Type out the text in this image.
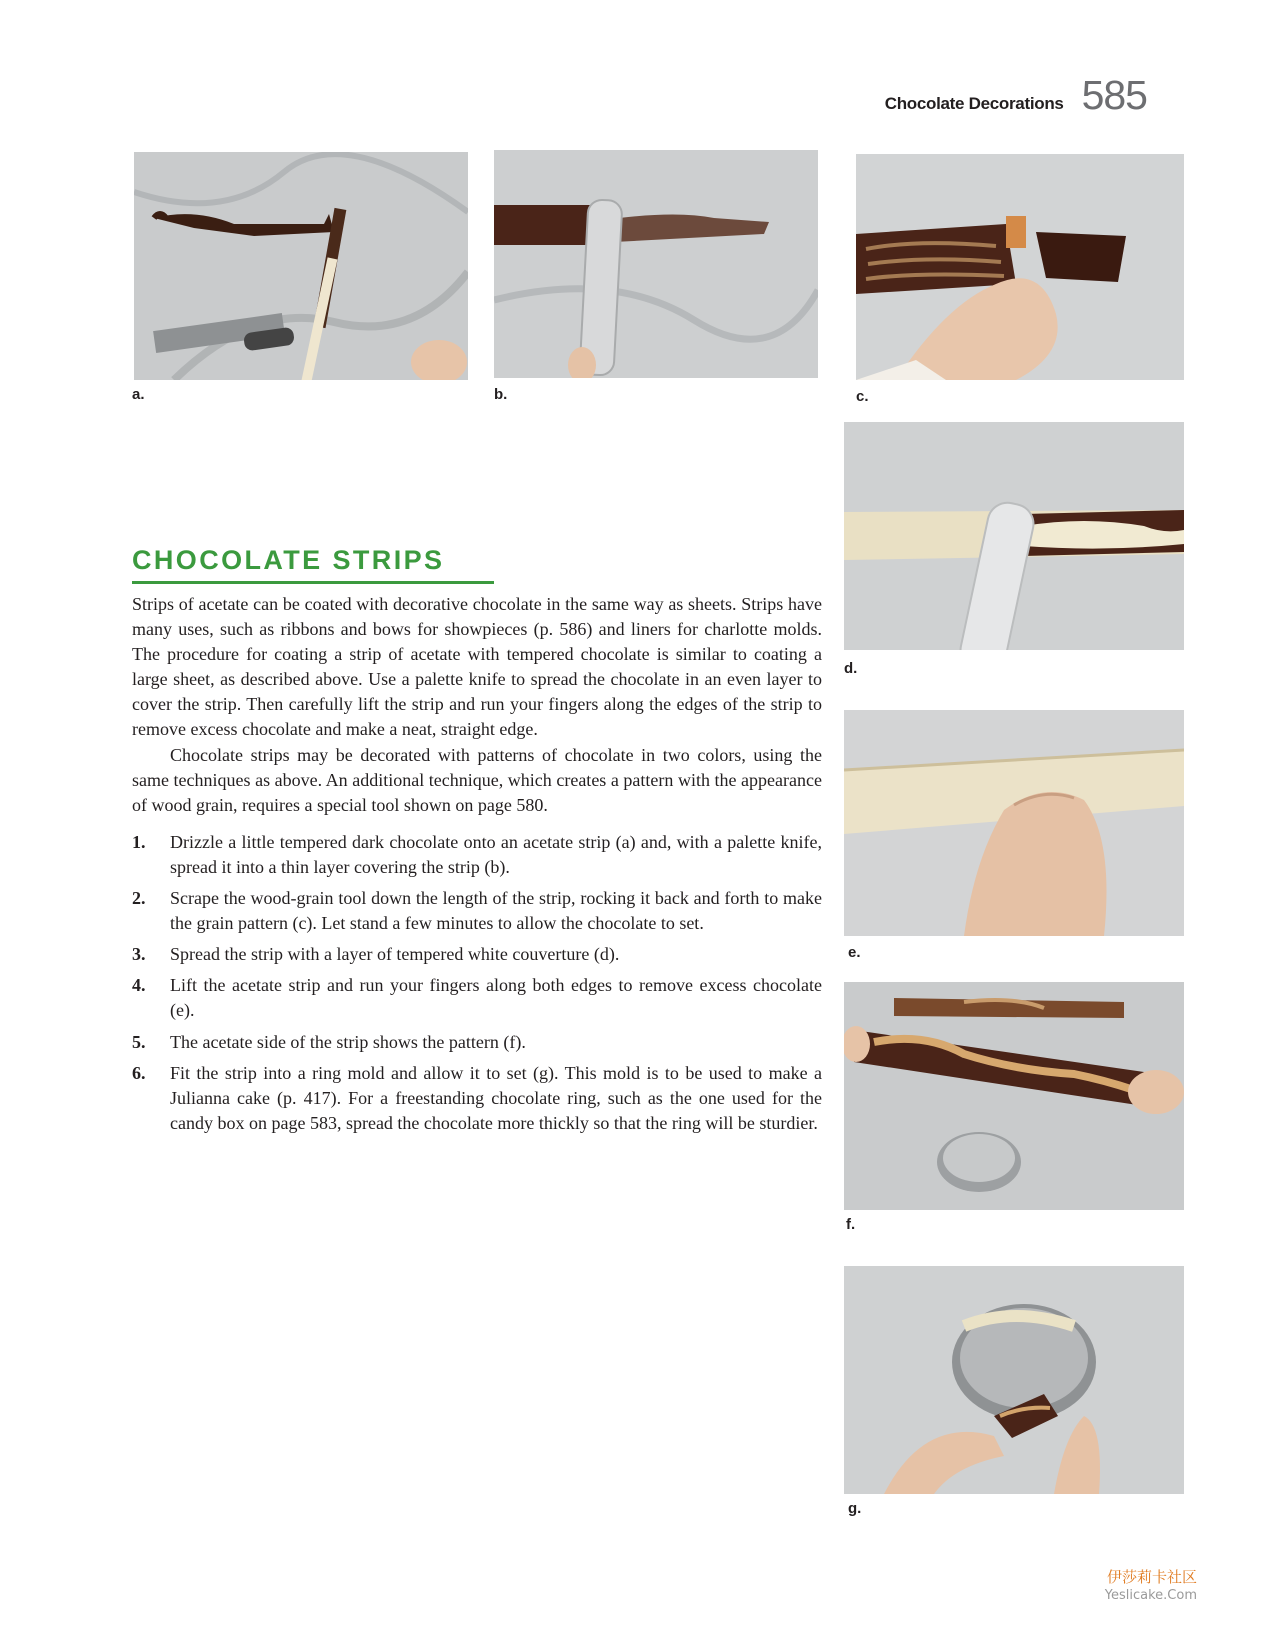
Chocolate Decorations 585
a.	b.	c.
d.
e.
f.
g.
CHOCOLATE STRIPS

Strips of acetate can be coated with decorative chocolate in the same way as sheets. Strips have many uses, such as ribbons and bows for showpieces (p. 586) and liners for charlotte molds. The procedure for coating a strip of acetate with tempered chocolate is similar to coating a large sheet, as described above. Use a palette knife to spread the chocolate in an even layer to cover the strip. Then carefully lift the strip and run your fingers along the edges of the strip to remove excess chocolate and make a neat, straight edge.

Chocolate strips may be decorated with patterns of chocolate in two colors, using the same techniques as above. An additional technique, which creates a pattern with the appearance of wood grain, requires a special tool shown on page 580.

1. Drizzle a little tempered dark chocolate onto an acetate strip (a) and, with a palette knife, spread it into a thin layer covering the strip (b).
2. Scrape the wood-grain tool down the length of the strip, rocking it back and forth to make the grain pattern (c). Let stand a few minutes to allow the chocolate to set.
3. Spread the strip with a layer of tempered white couverture (d).
4. Lift the acetate strip and run your fingers along both edges to remove excess chocolate (e).
5. The acetate side of the strip shows the pattern (f).
6. Fit the strip into a ring mold and allow it to set (g). This mold is to be used to make a Julianna cake (p. 417). For a freestanding chocolate ring, such as the one used for the candy box on page 583, spread the chocolate more thickly so that the ring will be sturdier.
伊莎莉卡社区
Yeslicake.Com
